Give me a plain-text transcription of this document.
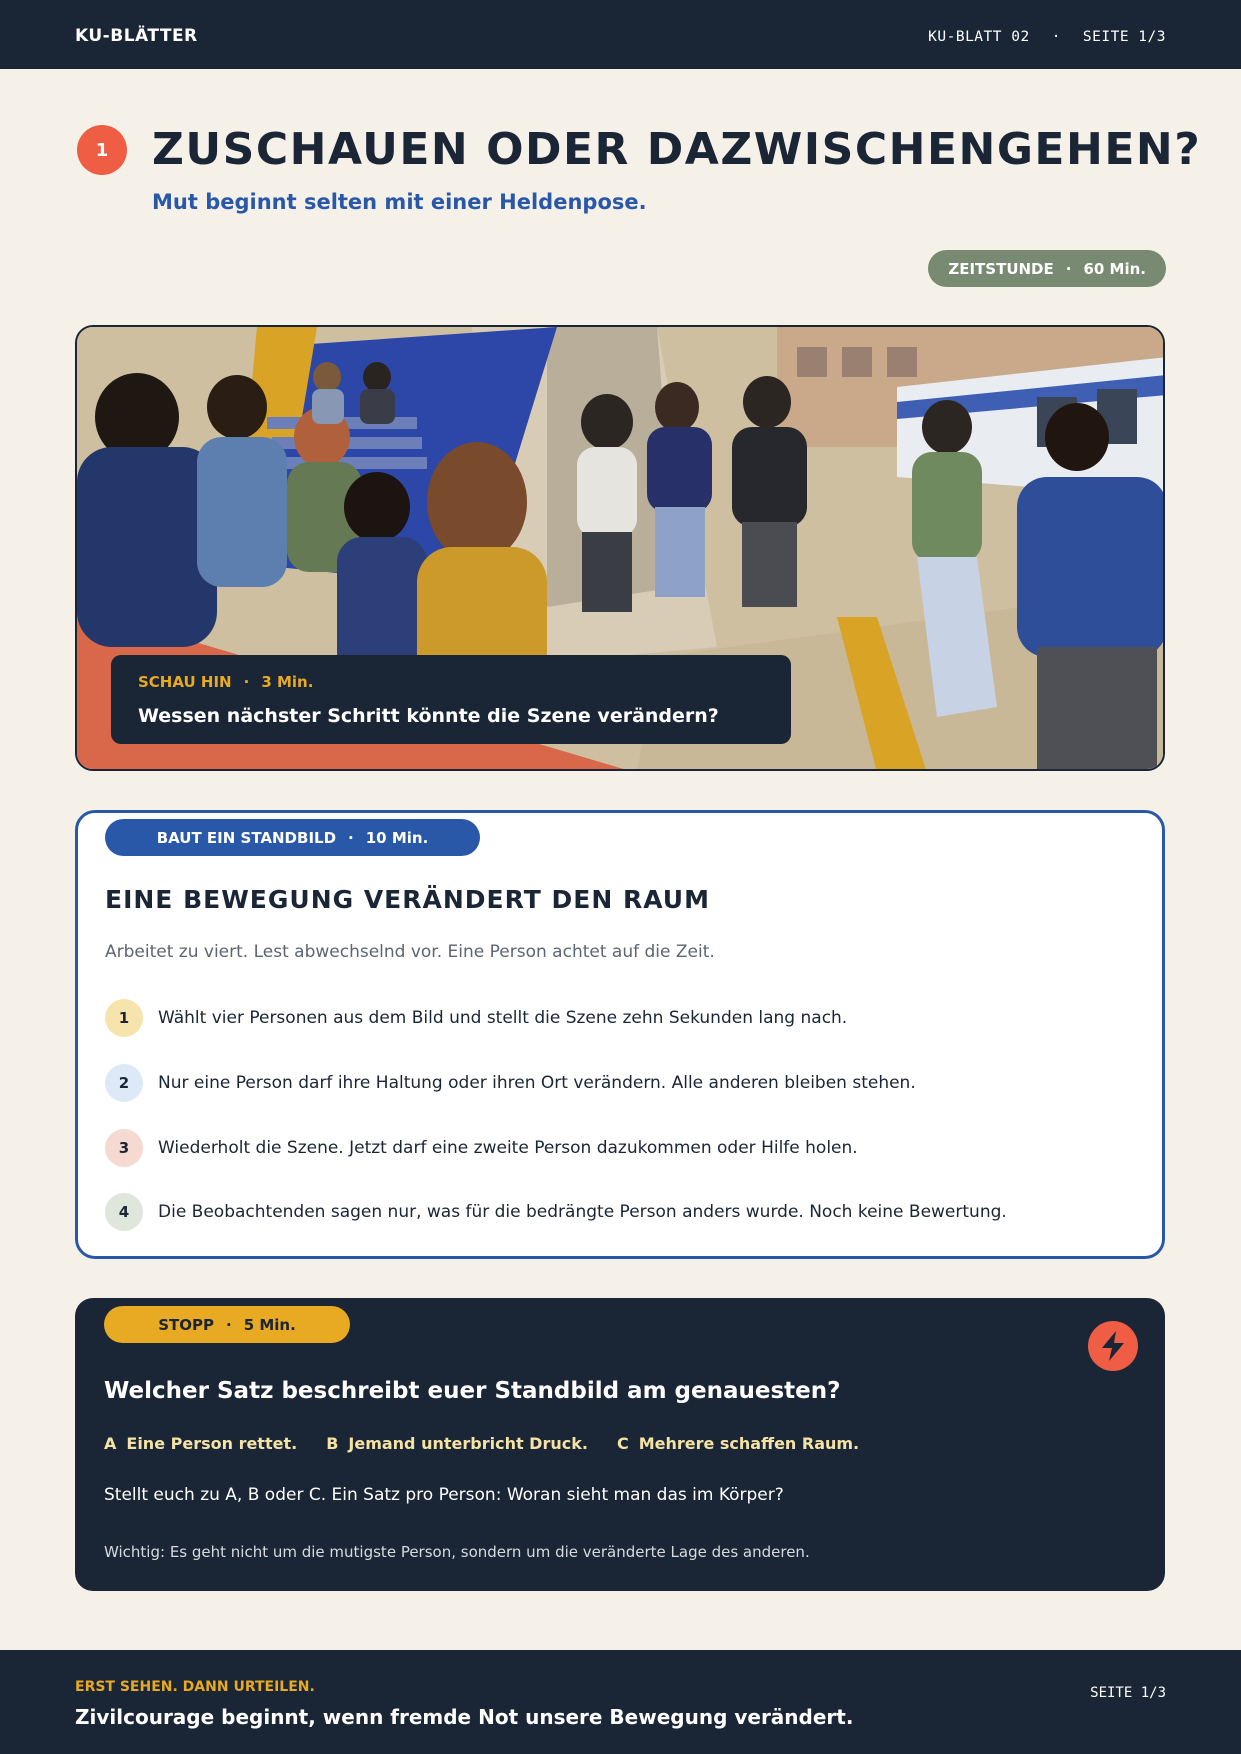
KU-BLÄTTER	KU-BLATT 02 · SEITE 1/3
1 ZUSCHAUEN ODER DAZWISCHENGEHEN?
Mut beginnt selten mit einer Heldenpose.
ZEITSTUNDE · 60 Min.
SCHAU HIN · 3 Min.
Wessen nächster Schritt könnte die Szene verändern?
BAUT EIN STANDBILD · 10 Min.
EINE BEWEGUNG VERÄNDERT DEN RAUM
Arbeitet zu viert. Lest abwechselnd vor. Eine Person achtet auf die Zeit.
1	Wählt vier Personen aus dem Bild und stellt die Szene zehn Sekunden lang nach.
2	Nur eine Person darf ihre Haltung oder ihren Ort verändern. Alle anderen bleiben stehen.
3	Wiederholt die Szene. Jetzt darf eine zweite Person dazukommen oder Hilfe holen.
4	Die Beobachtenden sagen nur, was für die bedrängte Person anders wurde. Noch keine Bewertung.
STOPP · 5 Min.
Welcher Satz beschreibt euer Standbild am genauesten?
A Eine Person rettet. B Jemand unterbricht Druck. C Mehrere schaffen Raum.
Stellt euch zu A, B oder C. Ein Satz pro Person: Woran sieht man das im Körper?
Wichtig: Es geht nicht um die mutigste Person, sondern um die veränderte Lage des anderen.
ERST SEHEN. DANN URTEILEN.
Zivilcourage beginnt, wenn fremde Not unsere Bewegung verändert.
SEITE 1/3
